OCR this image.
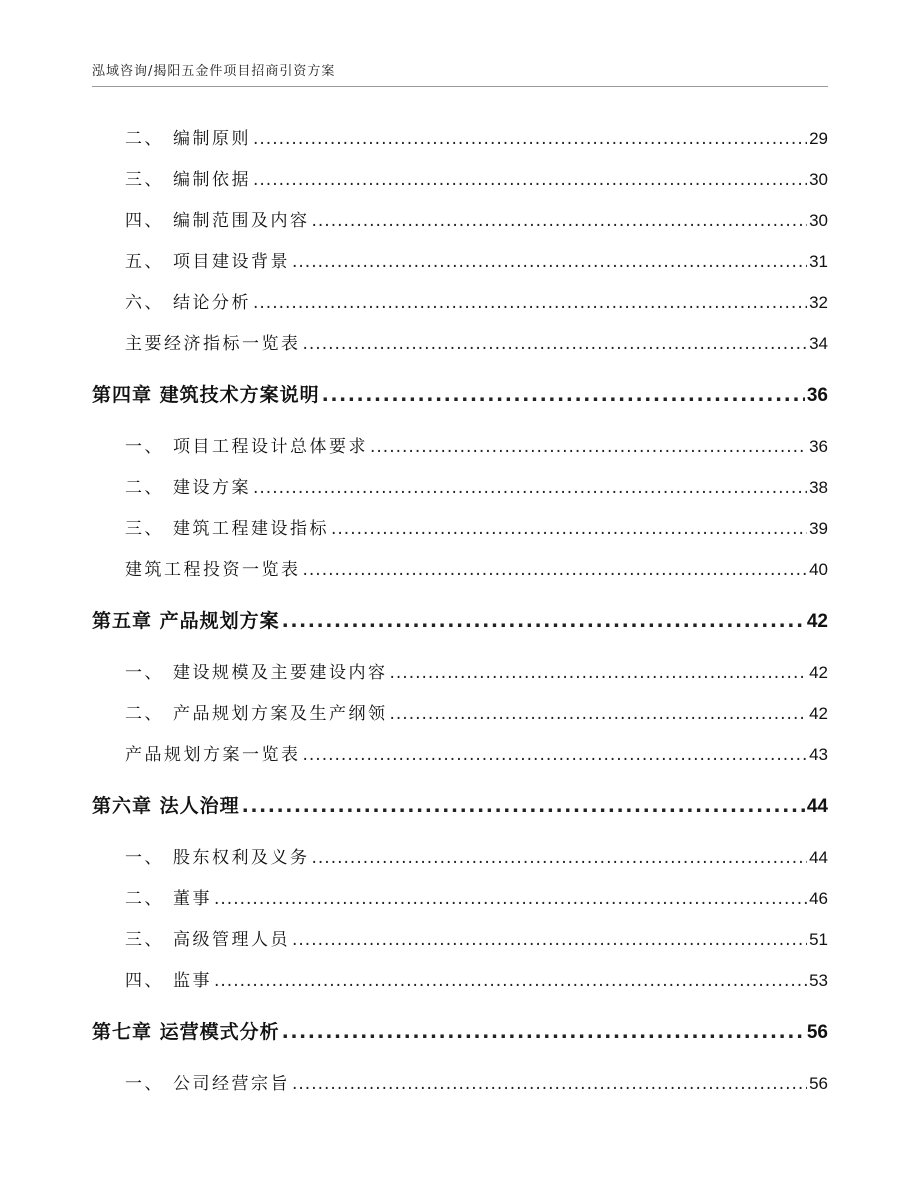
泓域咨询/揭阳五金件项目招商引资方案
二、 编制原则 .....	29
三、 编制依据 .....	30
四、 编制范围及内容 .....	30
五、 项目建设背景 .....	31
六、 结论分析 .....	32
主要经济指标一览表 .....	34
第四章 建筑技术方案说明 .....	36
一、 项目工程设计总体要求 .....	36
二、 建设方案 .....	38
三、 建筑工程建设指标 .....	39
建筑工程投资一览表 .....	40
第五章 产品规划方案 .....	42
一、 建设规模及主要建设内容 .....	42
二、 产品规划方案及生产纲领 .....	42
产品规划方案一览表 .....	43
第六章 法人治理 .....	44
一、 股东权利及义务 .....	44
二、 董事 .....	46
三、 高级管理人员 .....	51
四、 监事 .....	53
第七章 运营模式分析 .....	56
一、 公司经营宗旨 .....	56
